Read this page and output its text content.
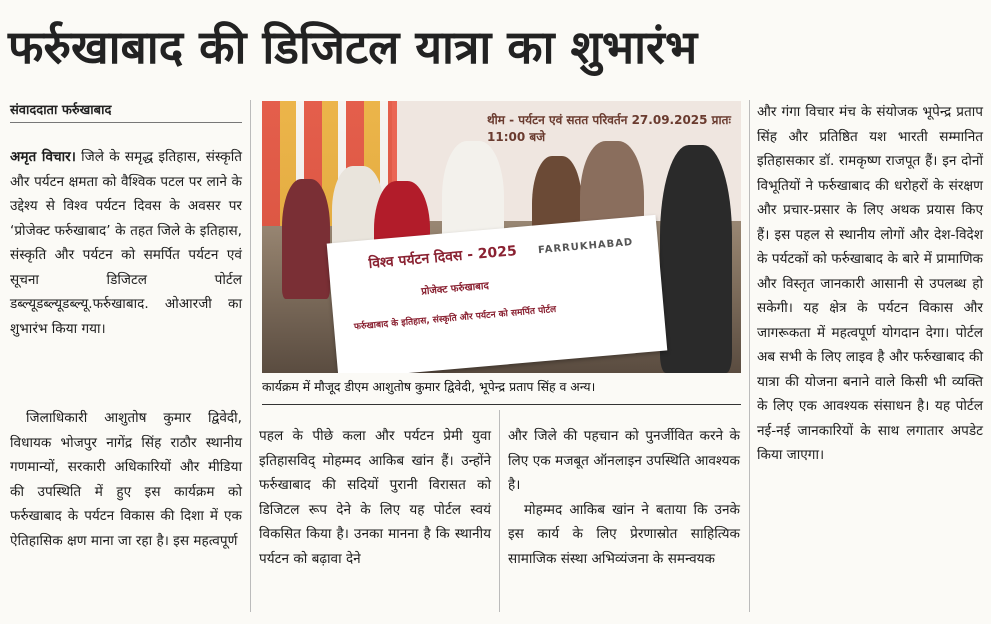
फर्रुखाबाद की डिजिटल यात्रा का शुभारंभ
संवाददाता फर्रुखाबाद

अमृत विचार। जिले के समृद्ध इतिहास, संस्कृति और पर्यटन क्षमता को वैश्विक पटल पर लाने के उद्देश्य से विश्व पर्यटन दिवस के अवसर पर ‘प्रोजेक्ट फर्रुखाबाद’ के तहत जिले के इतिहास, संस्कृति और पर्यटन को समर्पित पर्यटन एवं सूचना डिजिटल पोर्टल डब्ल्यूडब्ल्यूडब्ल्यू.फर्रुखाबाद. ओआरजी का शुभारंभ किया गया।

जिलाधिकारी आशुतोष कुमार द्विवेदी, विधायक भोजपुर नागेंद्र सिंह राठौर स्थानीय गणमान्यों, सरकारी अधिकारियों और मीडिया की उपस्थिति में हुए इस कार्यक्रम को फर्रुखाबाद के पर्यटन विकास की दिशा में एक ऐतिहासिक क्षण माना जा रहा है। इस महत्वपूर्ण

थीम - पर्यटन एवं सतत परिवर्तन 27.09.2025 प्रातः 11:00 बजे
विश्व पर्यटन दिवस - 2025 FARRUKHABAD
प्रोजेक्ट फर्रुखाबाद
फर्रुखाबाद के इतिहास, संस्कृति और पर्यटन को समर्पित पोर्टल
कार्यक्रम में मौजूद डीएम आशुतोष कुमार द्विवेदी, भूपेन्द्र प्रताप सिंह व अन्य।

पहल के पीछे कला और पर्यटन प्रेमी युवा इतिहासविद् मोहम्मद आकिब खांन हैं। उन्होंने फर्रुखाबाद की सदियों पुरानी विरासत को डिजिटल रूप देने के लिए यह पोर्टल स्वयं विकसित किया है। उनका मानना है कि स्थानीय पर्यटन को बढ़ावा देने

और जिले की पहचान को पुनर्जीवित करने के लिए एक मजबूत ऑनलाइन उपस्थिति आवश्यक है।

मोहम्मद आकिब खांन ने बताया कि उनके इस कार्य के लिए प्रेरणास्रोत साहित्यिक सामाजिक संस्था अभिव्यंजना के समन्वयक

और गंगा विचार मंच के संयोजक भूपेन्द्र प्रताप सिंह और प्रतिष्ठित यश भारती सम्मानित इतिहासकार डॉ. रामकृष्ण राजपूत हैं। इन दोनों विभूतियों ने फर्रुखाबाद की धरोहरों के संरक्षण और प्रचार-प्रसार के लिए अथक प्रयास किए हैं। इस पहल से स्थानीय लोगों और देश-विदेश के पर्यटकों को फर्रुखाबाद के बारे में प्रामाणिक और विस्तृत जानकारी आसानी से उपलब्ध हो सकेगी। यह क्षेत्र के पर्यटन विकास और जागरूकता में महत्वपूर्ण योगदान देगा। पोर्टल अब सभी के लिए लाइव है और फर्रुखाबाद की यात्रा की योजना बनाने वाले किसी भी व्यक्ति के लिए एक आवश्यक संसाधन है। यह पोर्टल नई-नई जानकारियों के साथ लगातार अपडेट किया जाएगा।
